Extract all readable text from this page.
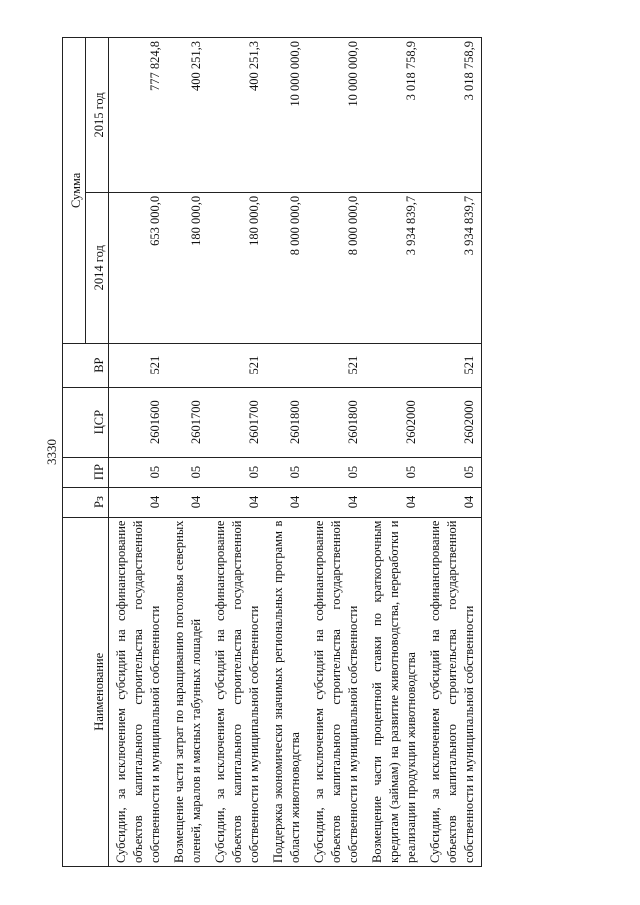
3330
Наименование	Рз	ПР	ЦСР	ВР	Сумма	
					2014 год	2015 год
Субсидии, за исключением субсидий на софинансирование объектов капитального строительства государственной собственности и муниципальной собственности	04	05	2601600	521	653 000,0	777 824,8
Возмещение части затрат по наращиванию поголовья северных оленей, маралов и мясных табунных лошадей	04	05	2601700		180 000,0	400 251,3
Субсидии, за исключением субсидий на софинансирование объектов капитального строительства государственной собственности и муниципальной собственности	04	05	2601700	521	180 000,0	400 251,3
Поддержка экономически значимых региональных программ в области животноводства	04	05	2601800		8 000 000,0	10 000 000,0
Субсидии, за исключением субсидий на софинансирование объектов капитального строительства государственной собственности и муниципальной собственности	04	05	2601800	521	8 000 000,0	10 000 000,0
Возмещение части процентной ставки по краткосрочным кредитам (займам) на развитие животноводства, переработки и реализации продукции животноводства	04	05	2602000		3 934 839,7	3 018 758,9
Субсидии, за исключением субсидий на софинансирование объектов капитального строительства государственной собственности и муниципальной собственности	04	05	2602000	521	3 934 839,7	3 018 758,9
